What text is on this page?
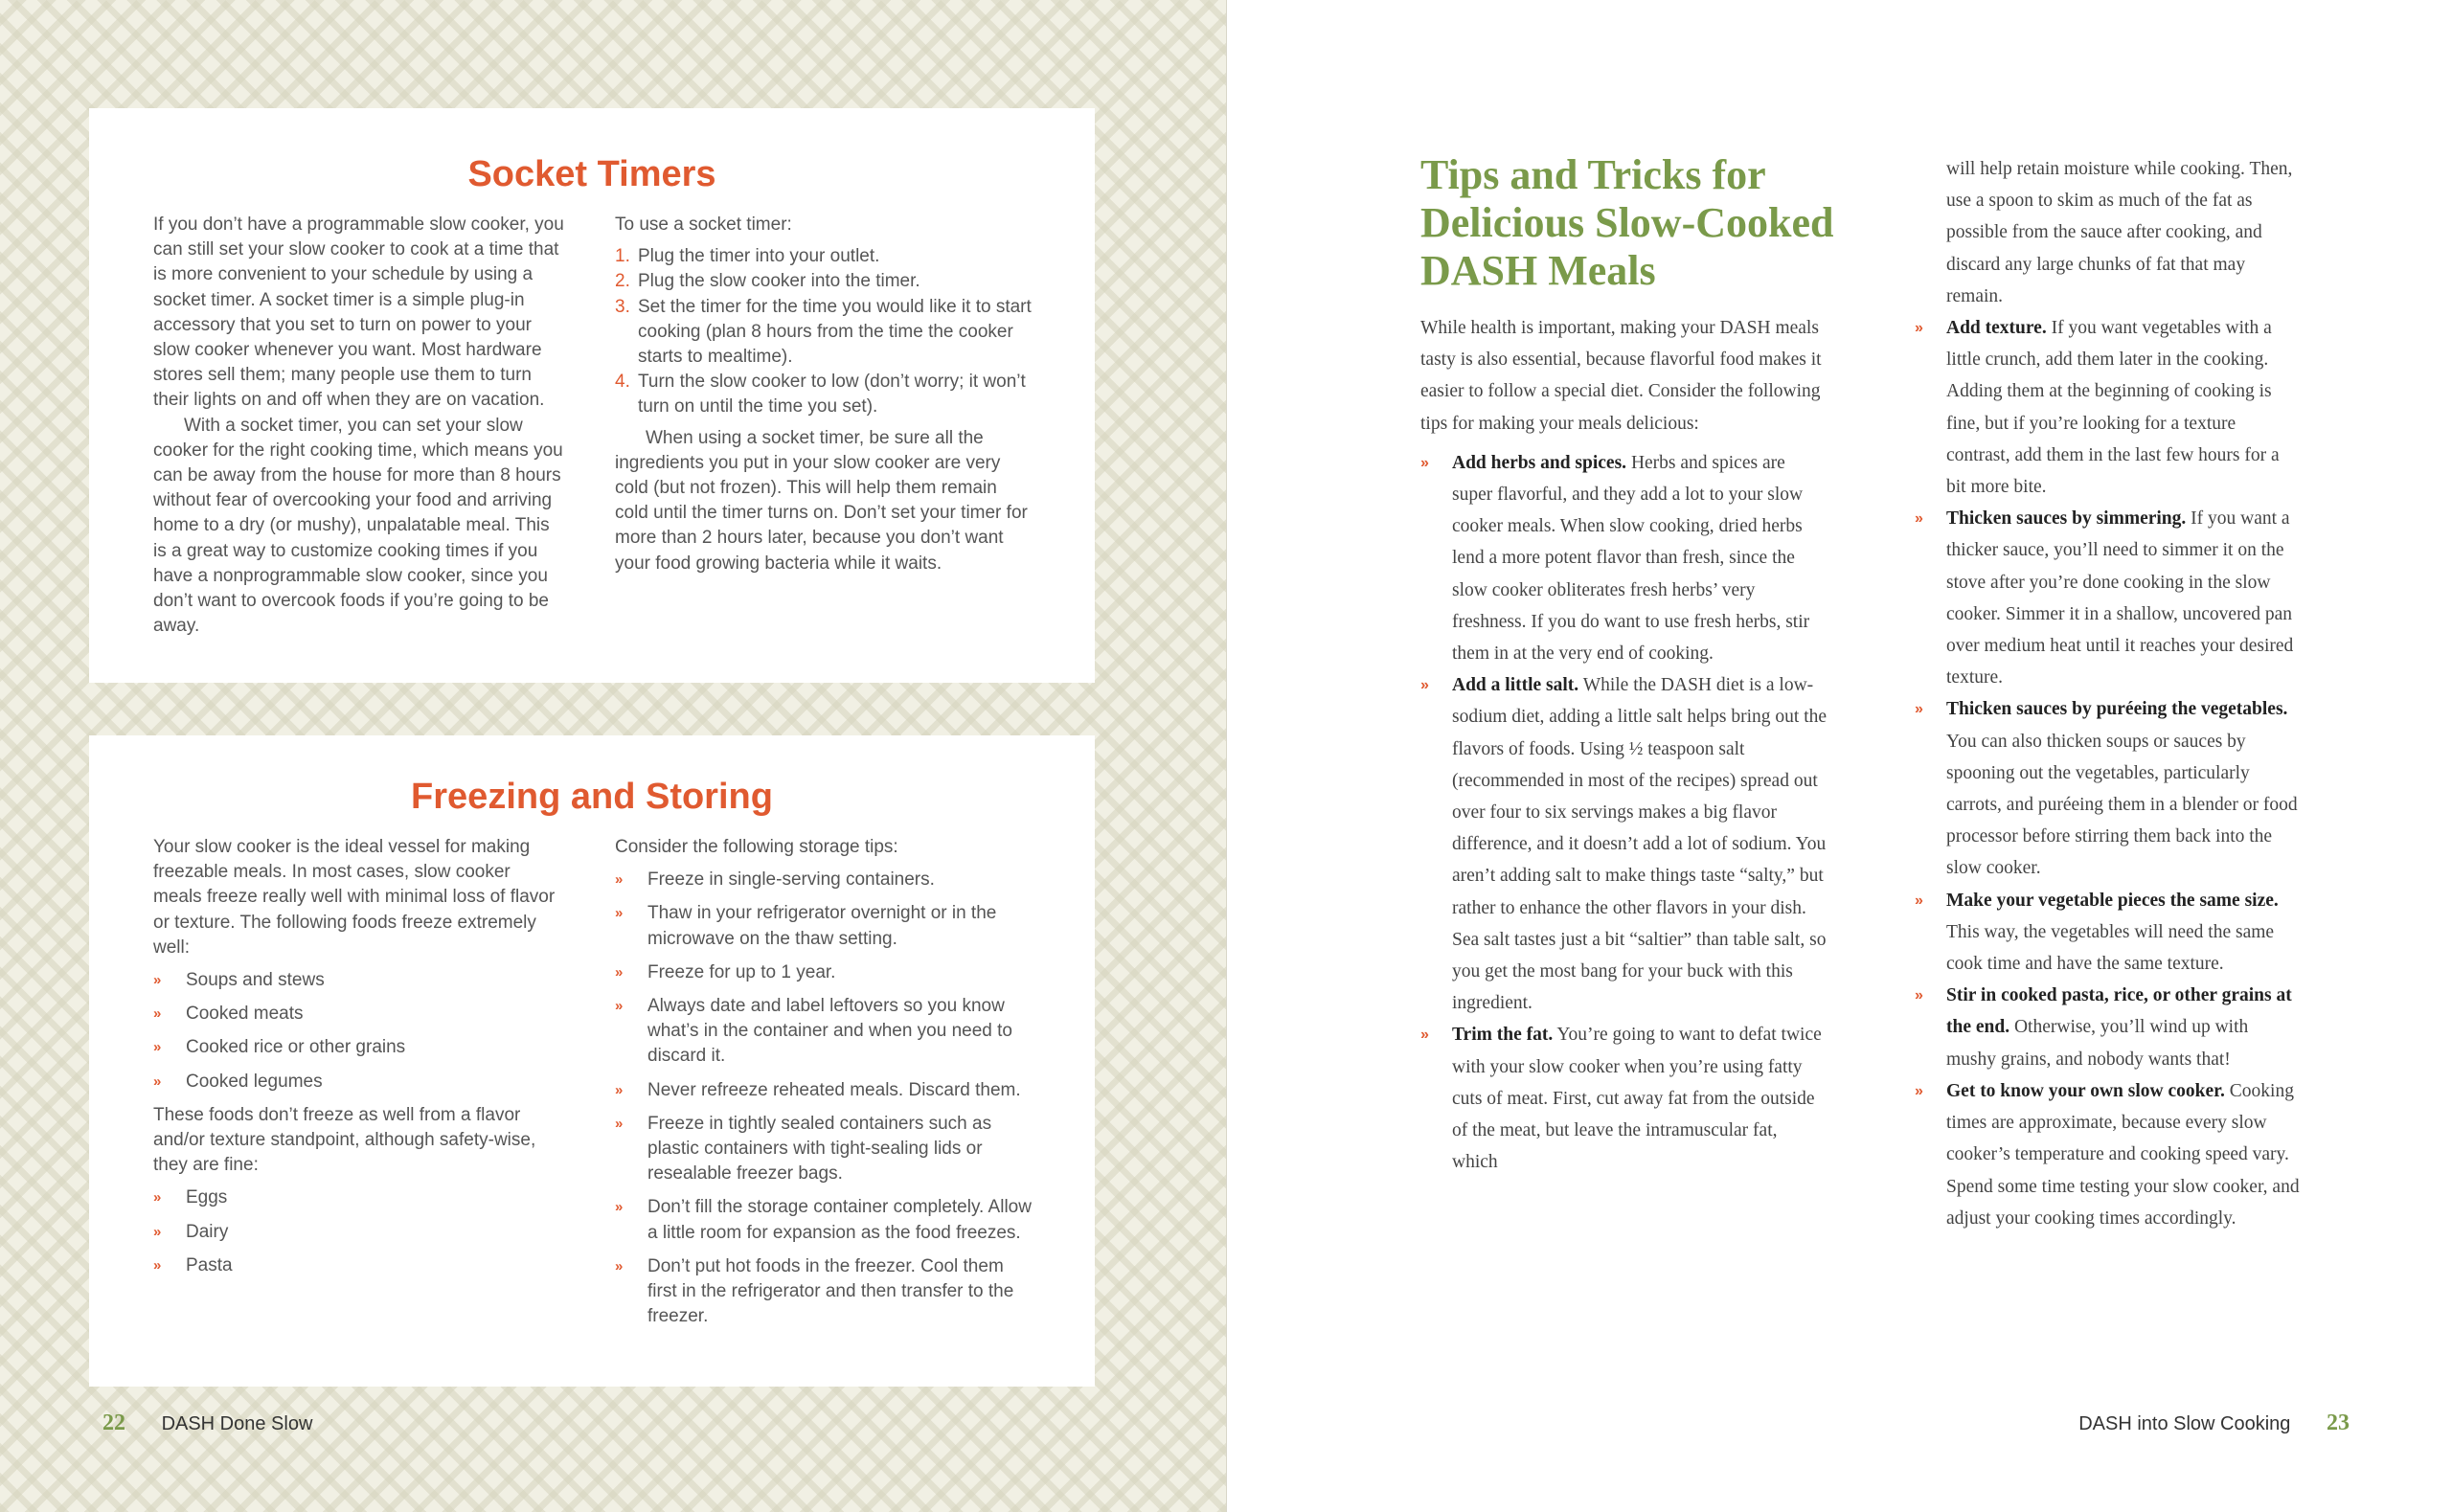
Socket Timers

If you don’t have a programmable slow cooker, you can still set your slow cooker to cook at a time that is more convenient to your schedule by using a socket timer. A socket timer is a simple plug-in accessory that you set to turn on power to your slow cooker whenever you want. Most hardware stores sell them; many people use them to turn their lights on and off when they are on vacation.

With a socket timer, you can set your slow cooker for the right cooking time, which means you can be away from the house for more than 8 hours without fear of overcooking your food and arriving home to a dry (or mushy), unpalatable meal. This is a great way to customize cooking times if you have a nonprogrammable slow cooker, since you don’t want to overcook foods if you’re going to be away.

To use a socket timer:

1. Plug the timer into your outlet.
2. Plug the slow cooker into the timer.
3. Set the timer for the time you would like it to start cooking (plan 8 hours from the time the cooker starts to mealtime).
4. Turn the slow cooker to low (don’t worry; it won’t turn on until the time you set).

When using a socket timer, be sure all the ingredients you put in your slow cooker are very cold (but not frozen). This will help them remain cold until the timer turns on. Don’t set your timer for more than 2 hours later, because you don’t want your food growing bacteria while it waits.

Freezing and Storing

Your slow cooker is the ideal vessel for making freezable meals. In most cases, slow cooker meals freeze really well with minimal loss of flavor or texture. The following foods freeze extremely well:

» Soups and stews
» Cooked meats
» Cooked rice or other grains
» Cooked legumes

These foods don’t freeze as well from a flavor and/or texture standpoint, although safety-wise, they are fine:

» Eggs
» Dairy
» Pasta

Consider the following storage tips:

» Freeze in single-serving containers.
» Thaw in your refrigerator overnight or in the microwave on the thaw setting.
» Freeze for up to 1 year.
» Always date and label leftovers so you know what’s in the container and when you need to discard it.
» Never refreeze reheated meals. Discard them.
» Freeze in tightly sealed containers such as plastic containers with tight-sealing lids or resealable freezer bags.
» Don’t fill the storage container completely. Allow a little room for expansion as the food freezes.
» Don’t put hot foods in the freezer. Cool them first in the refrigerator and then transfer to the freezer.
22 DASH Done Slow
Tips and Tricks for Delicious Slow-Cooked DASH Meals

While health is important, making your DASH meals tasty is also essential, because flavorful food makes it easier to follow a special diet. Consider the following tips for making your meals delicious:

» Add herbs and spices. Herbs and spices are super flavorful, and they add a lot to your slow cooker meals. When slow cooking, dried herbs lend a more potent flavor than fresh, since the slow cooker obliterates fresh herbs’ very freshness. If you do want to use fresh herbs, stir them in at the very end of cooking.
» Add a little salt. While the DASH diet is a low-sodium diet, adding a little salt helps bring out the flavors of foods. Using ½ teaspoon salt (recommended in most of the recipes) spread out over four to six servings makes a big flavor difference, and it doesn’t add a lot of sodium. You aren’t adding salt to make things taste “salty,” but rather to enhance the other flavors in your dish. Sea salt tastes just a bit “saltier” than table salt, so you get the most bang for your buck with this ingredient.
» Trim the fat. You’re going to want to defat twice with your slow cooker when you’re using fatty cuts of meat. First, cut away fat from the outside of the meat, but leave the intramuscular fat, which

will help retain moisture while cooking. Then, use a spoon to skim as much of the fat as possible from the sauce after cooking, and discard any large chunks of fat that may remain.

» Add texture. If you want vegetables with a little crunch, add them later in the cooking. Adding them at the beginning of cooking is fine, but if you’re looking for a texture contrast, add them in the last few hours for a bit more bite.
» Thicken sauces by simmering. If you want a thicker sauce, you’ll need to simmer it on the stove after you’re done cooking in the slow cooker. Simmer it in a shallow, uncovered pan over medium heat until it reaches your desired texture.
» Thicken sauces by puréeing the vegetables. You can also thicken soups or sauces by spooning out the vegetables, particularly carrots, and puréeing them in a blender or food processor before stirring them back into the slow cooker.
» Make your vegetable pieces the same size. This way, the vegetables will need the same cook time and have the same texture.
» Stir in cooked pasta, rice, or other grains at the end. Otherwise, you’ll wind up with mushy grains, and nobody wants that!
» Get to know your own slow cooker. Cooking times are approximate, because every slow cooker’s temperature and cooking speed vary. Spend some time testing your slow cooker, and adjust your cooking times accordingly.
DASH into Slow Cooking 23
